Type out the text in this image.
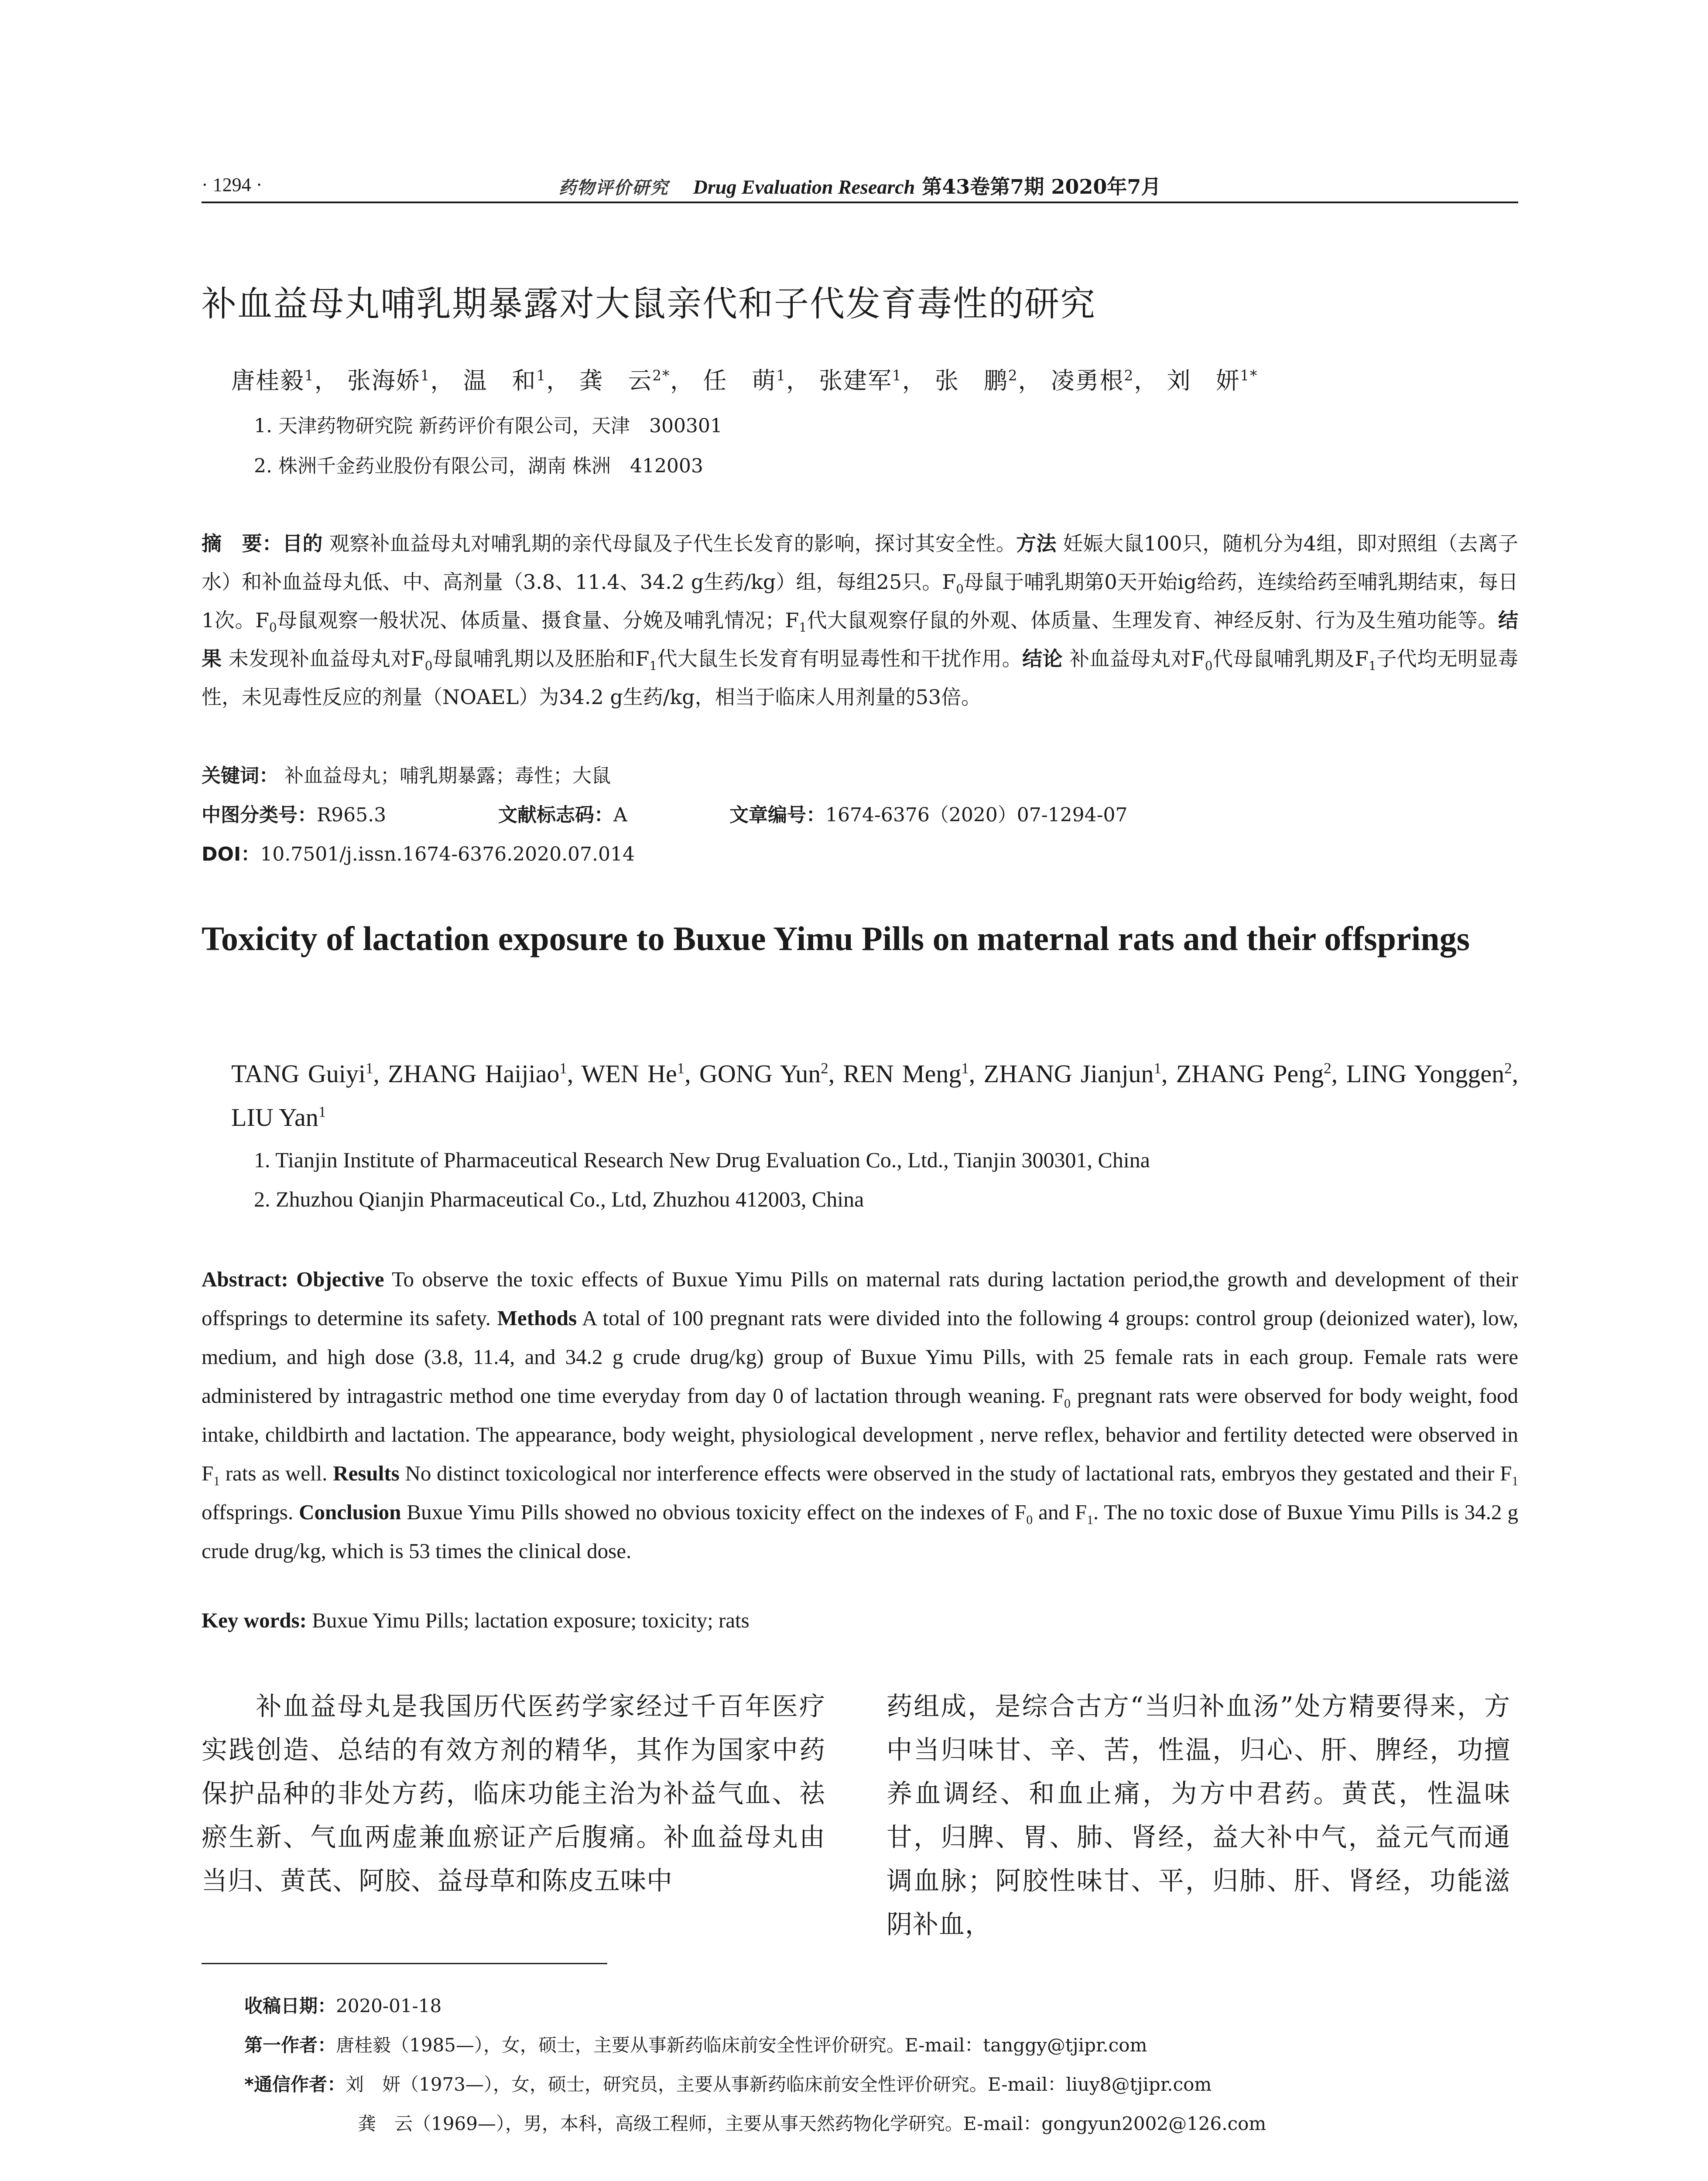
· 1294 ·	药物评价研究 Drug Evaluation Research 第43卷第7期 2020年7月
补血益母丸哺乳期暴露对大鼠亲代和子代发育毒性的研究
唐桂毅$^1$， 张海娇$^1$， 温　和$^1$， 龚　云$^{2*}$， 任　萌$^1$， 张建军$^1$， 张　鹏$^2$， 凌勇根$^2$， 刘　妍$^{1*}$
1. 天津药物研究院 新药评价有限公司，天津　300301
2. 株洲千金药业股份有限公司，湖南 株洲　412003
摘　要：目的 观察补血益母丸对哺乳期的亲代母鼠及子代生长发育的影响，探讨其安全性。方法 妊娠大鼠100只，随机分为4组，即对照组（去离子水）和补血益母丸低、中、高剂量（3.8、11.4、34.2 g生药/kg）组，每组25只。$F_0$母鼠于哺乳期第0天开始ig给药，连续给药至哺乳期结束，每日1次。$F_0$母鼠观察一般状况、体质量、摄食量、分娩及哺乳情况；$F_1$代大鼠观察仔鼠的外观、体质量、生理发育、神经反射、行为及生殖功能等。结果 未发现补血益母丸对$F_0$母鼠哺乳期以及胚胎和$F_1$代大鼠生长发育有明显毒性和干扰作用。结论 补血益母丸对$F_0$代母鼠哺乳期及$F_1$子代均无明显毒性，未见毒性反应的剂量（NOAEL）为34.2 g生药/kg，相当于临床人用剂量的53倍。
关键词： 补血益母丸；哺乳期暴露；毒性；大鼠
中图分类号：R965.3	文献标志码：A	文章编号：1674-6376（2020）07-1294-07
DOI：10.7501/j.issn.1674-6376.2020.07.014
Toxicity of lactation exposure to Buxue Yimu Pills on maternal rats and their offsprings
TANG Guiyi$^1$, ZHANG Haijiao$^1$, WEN He$^1$, GONG Yun$^2$, REN Meng$^1$, ZHANG Jianjun$^1$, ZHANG Peng$^2$, LING Yonggen$^2$, LIU Yan$^1$
1. Tianjin Institute of Pharmaceutical Research New Drug Evaluation Co., Ltd., Tianjin 300301, China
2. Zhuzhou Qianjin Pharmaceutical Co., Ltd, Zhuzhou 412003, China
Abstract: Objective To observe the toxic effects of Buxue Yimu Pills on maternal rats during lactation period,the growth and development of their offsprings to determine its safety. Methods A total of 100 pregnant rats were divided into the following 4 groups: control group (deionized water), low, medium, and high dose (3.8, 11.4, and 34.2 g crude drug/kg) group of Buxue Yimu Pills, with 25 female rats in each group. Female rats were administered by intragastric method one time everyday from day 0 of lactation through weaning. $F_0$ pregnant rats were observed for body weight, food intake, childbirth and lactation. The appearance, body weight, physiological development , nerve reflex, behavior and fertility detected were observed in $F_1$ rats as well. Results No distinct toxicological nor interference effects were observed in the study of lactational rats, embryos they gestated and their $F_1$ offsprings. Conclusion Buxue Yimu Pills showed no obvious toxicity effect on the indexes of $F_0$ and $F_1$. The no toxic dose of Buxue Yimu Pills is 34.2 g crude drug/kg, which is 53 times the clinical dose.
Key words: Buxue Yimu Pills; lactation exposure; toxicity; rats
　　补血益母丸是我国历代医药学家经过千百年医疗实践创造、总结的有效方剂的精华，其作为国家中药保护品种的非处方药，临床功能主治为补益气血、祛瘀生新、气血两虚兼血瘀证产后腹痛。补血益母丸由当归、黄芪、阿胶、益母草和陈皮五味中
药组成，是综合古方“当归补血汤”处方精要得来，方中当归味甘、辛、苦，性温，归心、肝、脾经，功擅养血调经、和血止痛，为方中君药。黄芪，性温味甘，归脾、胃、肺、肾经，益大补中气，益元气而通调血脉；阿胶性味甘、平，归肺、肝、肾经，功能滋阴补血，
收稿日期：2020-01-18
第一作者：唐桂毅（1985—），女，硕士，主要从事新药临床前安全性评价研究。E-mail：tanggy@tjipr.com
*通信作者：刘　妍（1973—），女，硕士，研究员，主要从事新药临床前安全性评价研究。E-mail：liuy8@tjipr.com
龚　云（1969—），男，本科，高级工程师，主要从事天然药物化学研究。E-mail：gongyun2002@126.com
